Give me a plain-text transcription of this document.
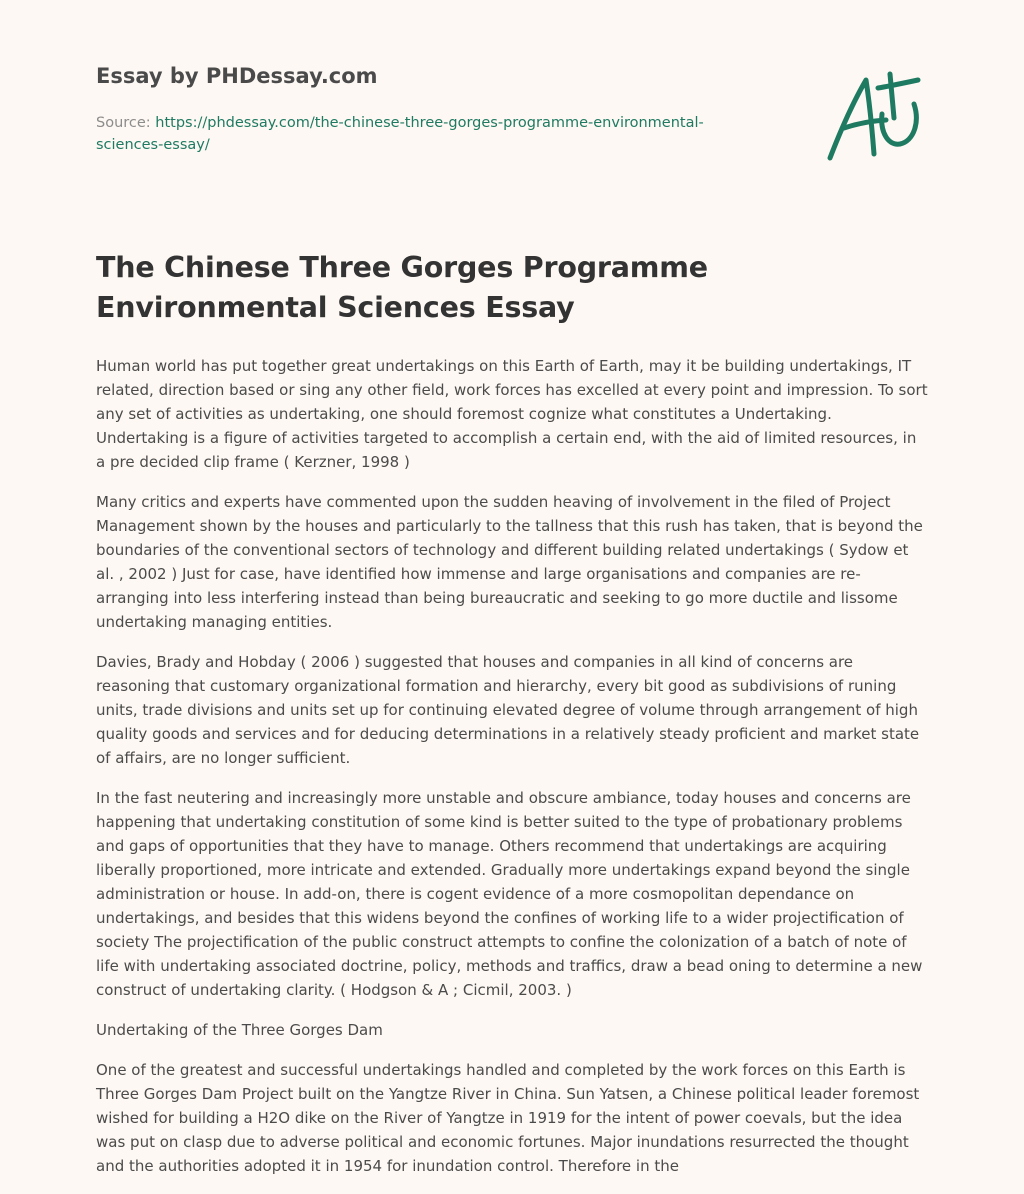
Essay by PHDessay.com
Source: https://phdessay.com/the-chinese-three-gorges-programme-environmental-sciences-essay/
The Chinese Three Gorges Programme Environmental Sciences Essay

Human world has put together great undertakings on this Earth of Earth, may it be building undertakings, IT related, direction based or sing any other field, work forces has excelled at every point and impression. To sort any set of activities as undertaking, one should foremost cognize what constitutes a Undertaking. Undertaking is a figure of activities targeted to accomplish a certain end, with the aid of limited resources, in a pre decided clip frame ( Kerzner, 1998 )

Many critics and experts have commented upon the sudden heaving of involvement in the filed of Project Management shown by the houses and particularly to the tallness that this rush has taken, that is beyond the boundaries of the conventional sectors of technology and different building related undertakings ( Sydow et al. , 2002 ) Just for case, have identified how immense and large organisations and companies are re-arranging into less interfering instead than being bureaucratic and seeking to go more ductile and lissome undertaking managing entities.

Davies, Brady and Hobday ( 2006 ) suggested that houses and companies in all kind of concerns are reasoning that customary organizational formation and hierarchy, every bit good as subdivisions of runing units, trade divisions and units set up for continuing elevated degree of volume through arrangement of high quality goods and services and for deducing determinations in a relatively steady proficient and market state of affairs, are no longer sufficient.

In the fast neutering and increasingly more unstable and obscure ambiance, today houses and concerns are happening that undertaking constitution of some kind is better suited to the type of probationary problems and gaps of opportunities that they have to manage. Others recommend that undertakings are acquiring liberally proportioned, more intricate and extended. Gradually more undertakings expand beyond the single administration or house. In add-on, there is cogent evidence of a more cosmopolitan dependance on undertakings, and besides that this widens beyond the confines of working life to a wider projectification of society The projectification of the public construct attempts to confine the colonization of a batch of note of life with undertaking associated doctrine, policy, methods and traffics, draw a bead oning to determine a new construct of undertaking clarity. ( Hodgson & A ; Cicmil, 2003. )

Undertaking of the Three Gorges Dam

One of the greatest and successful undertakings handled and completed by the work forces on this Earth is Three Gorges Dam Project built on the Yangtze River in China. Sun Yatsen, a Chinese political leader foremost wished for building a H2O dike on the River of Yangtze in 1919 for the intent of power coevals, but the idea was put on clasp due to adverse political and economic fortunes. Major inundations resurrected the thought and the authorities adopted it in 1954 for inundation control. Therefore in the
